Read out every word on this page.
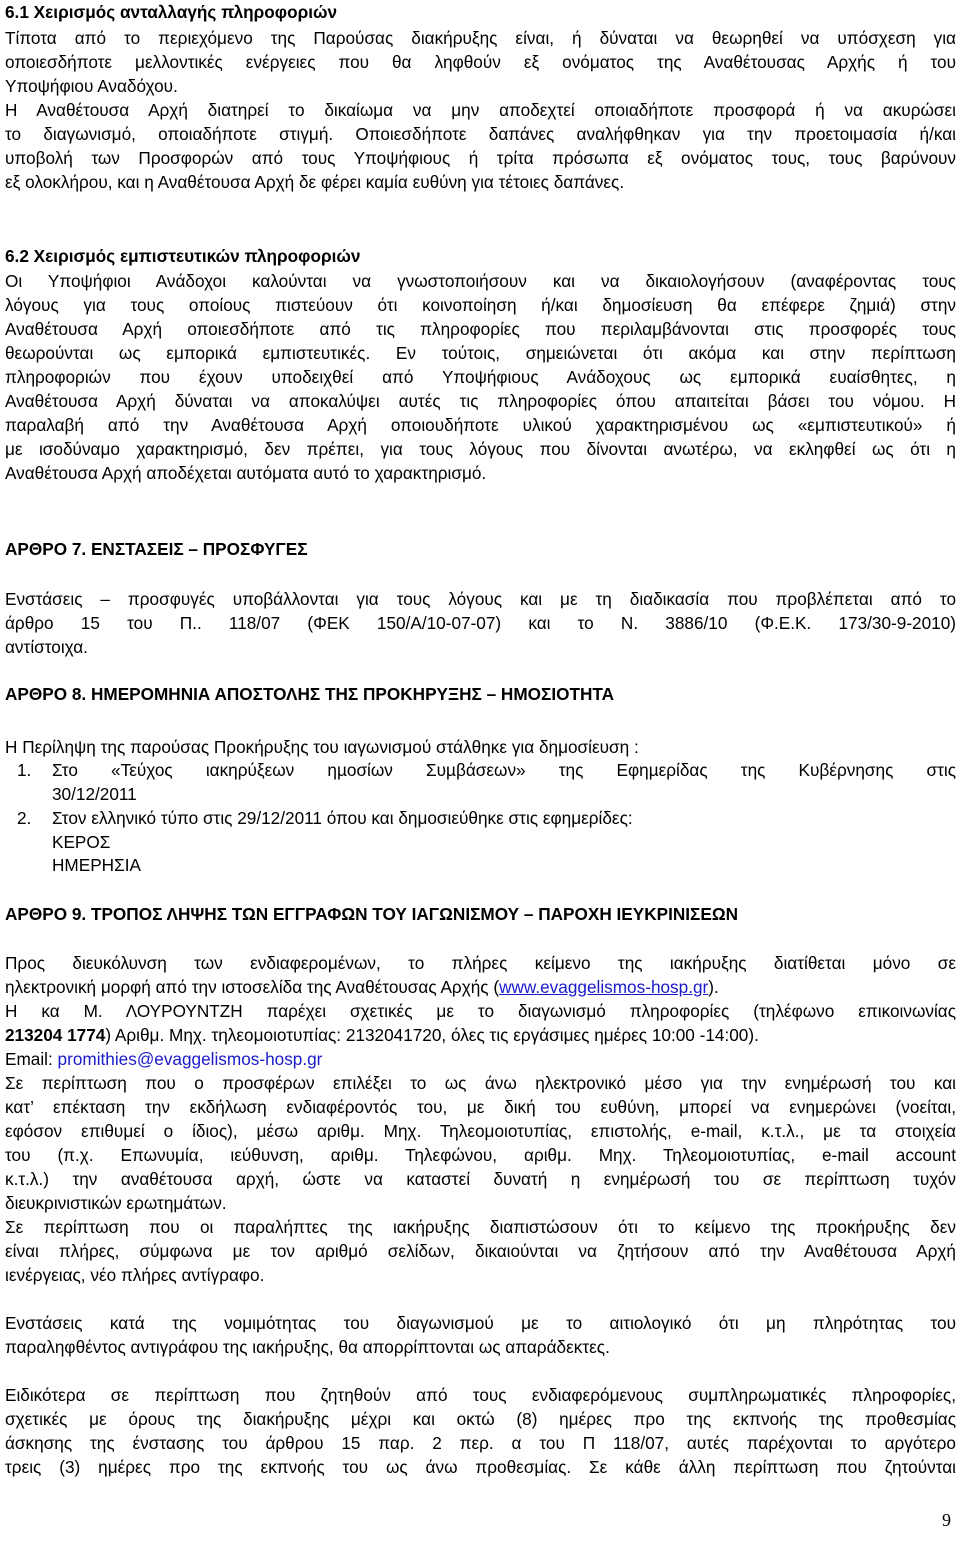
6.1 Χειρισμός ανταλλαγής πληροφοριών
Τίποτα από το περιεχόμενο της Παρούσας διακήρυξης είναι, ή δύναται να θεωρηθεί να υπόσχεση για
οποιεσδήποτε μελλοντικές ενέργειες που θα ληφθούν εξ ονόματος της Αναθέτουσας Αρχής ή του
Υποψήφιου Αναδόχου.
Η Αναθέτουσα Αρχή διατηρεί το δικαίωμα να μην αποδεχτεί οποιαδήποτε προσφορά ή να ακυρώσει
το διαγωνισμό, οποιαδήποτε στιγμή. Οποιεσδήποτε δαπάνες αναλήφθηκαν για την προετοιμασία ή/και
υποβολή των Προσφορών από τους Υποψήφιους ή τρίτα πρόσωπα εξ ονόματος τους, τους βαρύνουν
εξ ολοκλήρου, και η Αναθέτουσα Αρχή δε φέρει καμία ευθύνη για τέτοιες δαπάνες.
6.2 Χειρισμός εμπιστευτικών πληροφοριών
Οι Υποψήφιοι Ανάδοχοι καλούνται να γνωστοποιήσουν και να δικαιολογήσουν (αναφέροντας τους
λόγους για τους οποίους πιστεύουν ότι κοινοποίηση ή/και δημοσίευση θα επέφερε ζημιά) στην
Αναθέτουσα Αρχή οποιεσδήποτε από τις πληροφορίες που περιλαμβάνονται στις προσφορές τους
θεωρούνται ως εμπορικά εμπιστευτικές. Εν τούτοις, σημειώνεται ότι ακόμα και στην περίπτωση
πληροφοριών που έχουν υποδειχθεί από Υποψήφιους Ανάδοχους ως εμπορικά ευαίσθητες, η
Αναθέτουσα Αρχή δύναται να αποκαλύψει αυτές τις πληροφορίες όπου απαιτείται βάσει του νόμου. Η
παραλαβή από την Αναθέτουσα Αρχή οποιουδήποτε υλικού χαρακτηρισμένου ως «εμπιστευτικού» ή
με ισοδύναμο χαρακτηρισμό, δεν πρέπει, για τους λόγους που δίνονται ανωτέρω, να εκληφθεί ως ότι η
Αναθέτουσα Αρχή αποδέχεται αυτόματα αυτό το χαρακτηρισμό.
ΑΡΘΡΟ 7. ΕΝΣΤΑΣΕΙΣ – ΠΡΟΣΦΥΓΕΣ
Ενστάσεις – προσφυγές υποβάλλονται για τους λόγους και με τη διαδικασία που προβλέπεται από το
άρθρο 15 του Π.. 118/07 (ΦΕΚ 150/Α/10-07-07) και το Ν. 3886/10 (Φ.Ε.Κ. 173/30-9-2010)
αντίστοιχα.
ΑΡΘΡΟ 8. ΗΜΕΡΟΜΗΝΙΑ ΑΠΟΣΤΟΛΗΣ ΤΗΣ ΠΡΟΚΗΡΥΞΗΣ – ΗΜΟΣΙΟΤΗΤΑ
Η Περίληψη της παρούσας Προκήρυξης του ιαγωνισμού στάλθηκε για δημοσίευση :
1. Στο «Τεύχος ιακηρύξεων ηµοσίων Συµβάσεων» της Εφηµερίδας της Κυβέρνησης στις
30/12/2011
2. Στον ελληνικό τύπο στις 29/12/2011 όπου και δημοσιεύθηκε στις εφημερίδες:
ΚΕΡΟΣ
ΗΜΕΡΗΣΙΑ
ΑΡΘΡΟ 9. ΤΡΟΠΟΣ ΛΗΨΗΣ ΤΩΝ ΕΓΓΡΑΦΩΝ ΤΟΥ ΙΑΓΩΝΙΣΜΟΥ – ΠΑΡΟΧΗ ΙΕΥΚΡΙΝΙΣΕΩΝ
Προς διευκόλυνση των ενδιαφερομένων, το πλήρες κείμενο της ιακήρυξης διατίθεται μόνο σε
ηλεκτρονική μορφή από την ιστοσελίδα της Αναθέτουσας Αρχής (www.evaggelismos-hosp.gr).
Η κα Μ. ΛΟΥΡΟΥΝΤΖΗ παρέχει σχετικές με το διαγωνισμό πληροφορίες (τηλέφωνο επικοινωνίας
213204 1774) Αριθμ. Μηχ. τηλεομοιοτυπίας: 2132041720, όλες τις εργάσιμες ημέρες 10:00 -14:00).
Email: promithies@evaggelismos-hosp.gr
Σε περίπτωση που ο προσφέρων επιλέξει το ως άνω ηλεκτρονικό μέσο για την ενημέρωσή του και
κατ’ επέκταση την εκδήλωση ενδιαφέροντός του, με δική του ευθύνη, μπορεί να ενημερώνει (νοείται,
εφόσον επιθυμεί ο ίδιος), μέσω αριθμ. Μηχ. Τηλεομοιοτυπίας, επιστολής, e-mail, κ.τ.λ., με τα στοιχεία
του (π.χ. Επωνυμία, ιεύθυνση, αριθμ. Τηλεφώνου, αριθμ. Μηχ. Τηλεομοιοτυπίας, e-mail account
κ.τ.λ.) την αναθέτουσα αρχή, ώστε να καταστεί δυνατή η ενημέρωσή του σε περίπτωση τυχόν
διευκρινιστικών ερωτημάτων.
Σε περίπτωση που οι παραλήπτες της ιακήρυξης διαπιστώσουν ότι το κείμενο της προκήρυξης δεν
είναι πλήρες, σύμφωνα με τον αριθμό σελίδων, δικαιούνται να ζητήσουν από την Αναθέτουσα Αρχή
ιενέργειας, νέο πλήρες αντίγραφο.
Ενστάσεις κατά της νομιμότητας του διαγωνισμού με το αιτιολογικό ότι μη πληρότητας του
παραληφθέντος αντιγράφου της ιακήρυξης, θα απορρίπτονται ως απαράδεκτες.
Ειδικότερα σε περίπτωση που ζητηθούν από τους ενδιαφερόμενους συμπληρωματικές πληροφορίες,
σχετικές με όρους της διακήρυξης μέχρι και οκτώ (8) ημέρες προ της εκπνοής της προθεσμίας
άσκησης της ένστασης του άρθρου 15 παρ. 2 περ. α του Π 118/07, αυτές παρέχονται το αργότερο
τρεις (3) ημέρες προ της εκπνοής του ως άνω προθεσμίας. Σε κάθε άλλη περίπτωση που ζητούνται
9
